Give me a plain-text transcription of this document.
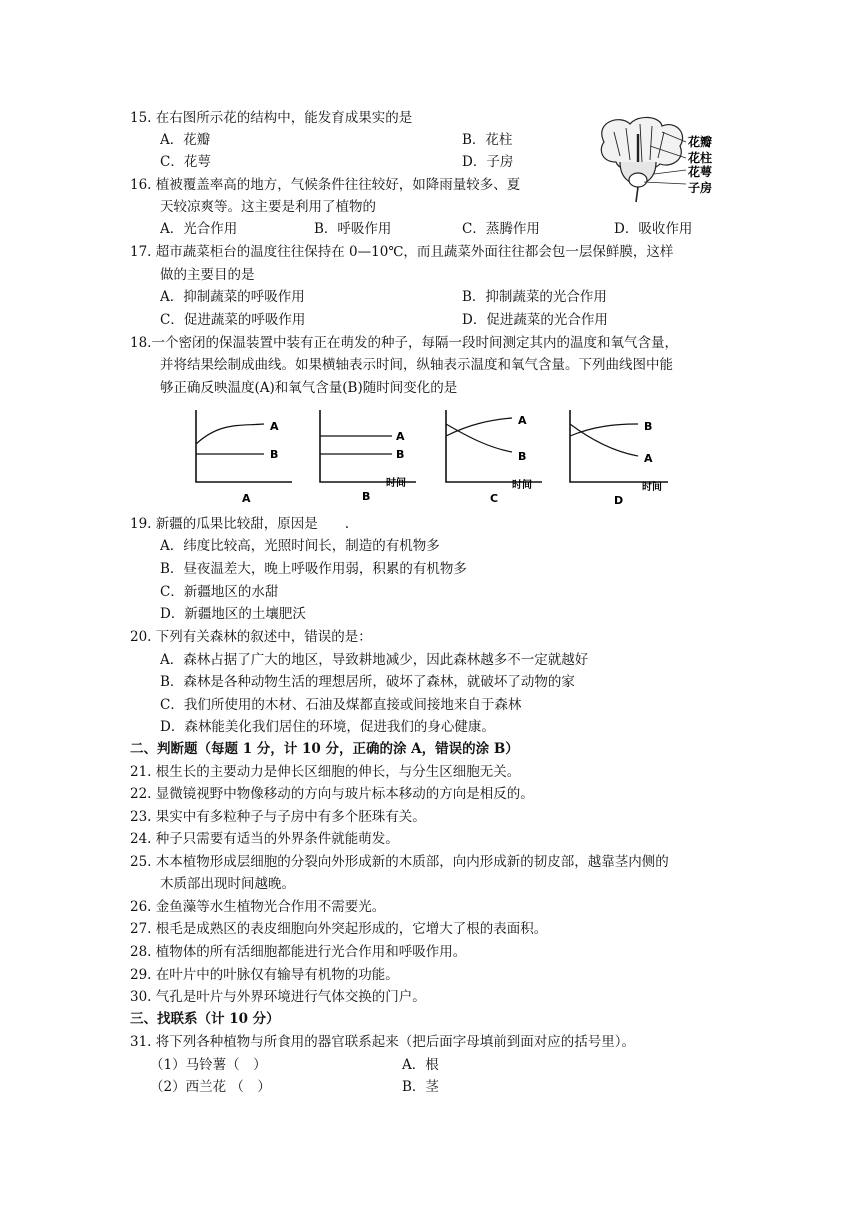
15. 在右图所示花的结构中，能发育成果实的是
A．花瓣	B．花柱
C．花萼	D．子房
花瓣
花柱
花萼
子房
16. 植被覆盖率高的地方，气候条件往往较好，如降雨量较多、夏
天较凉爽等。这主要是利用了植物的
A．光合作用	B．呼吸作用	C．蒸腾作用	D．吸收作用
17. 超市蔬菜柜台的温度往往保持在 0—10℃，而且蔬菜外面往往都会包一层保鲜膜，这样
做的主要目的是
A．抑制蔬菜的呼吸作用	B．抑制蔬菜的光合作用
C．促进蔬菜的呼吸作用	D．促进蔬菜的光合作用
18.一个密闭的保温装置中装有正在萌发的种子，每隔一段时间测定其内的温度和氧气含量，
并将结果绘制成曲线。如果横轴表示时间，纵轴表示温度和氧气含量。下列曲线图中能
够正确反映温度(A)和氧气含量(B)随时间变化的是
A
B
A
A
B
时间
B
A
B
时间
C
B
A
时间
D
19. 新疆的瓜果比较甜，原因是　　.
A．纬度比较高，光照时间长，制造的有机物多
B．昼夜温差大，晚上呼吸作用弱，积累的有机物多
C．新疆地区的水甜
D．新疆地区的土壤肥沃
20. 下列有关森林的叙述中，错误的是：
A．森林占据了广大的地区，导致耕地减少，因此森林越多不一定就越好
B．森林是各种动物生活的理想居所，破坏了森林，就破坏了动物的家
C．我们所使用的木材、石油及煤都直接或间接地来自于森林
D．森林能美化我们居住的环境，促进我们的身心健康。
二、判断题（每题 1 分，计 10 分，正确的涂 A，错误的涂 B）
21. 根生长的主要动力是伸长区细胞的伸长，与分生区细胞无关。
22. 显微镜视野中物像移动的方向与玻片标本移动的方向是相反的。
23. 果实中有多粒种子与子房中有多个胚珠有关。
24. 种子只需要有适当的外界条件就能萌发。
25. 木本植物形成层细胞的分裂向外形成新的木质部，向内形成新的韧皮部，越靠茎内侧的
木质部出现时间越晚。
26. 金鱼藻等水生植物光合作用不需要光。
27. 根毛是成熟区的表皮细胞向外突起形成的，它增大了根的表面积。
28. 植物体的所有活细胞都能进行光合作用和呼吸作用。
29. 在叶片中的叶脉仅有输导有机物的功能。
30. 气孔是叶片与外界环境进行气体交换的门户。
三、找联系（计 10 分）
31. 将下列各种植物与所食用的器官联系起来（把后面字母填前到面对应的括号里）。
（1）马铃薯（　）	A．根
（2）西兰花 （　）	B．茎
